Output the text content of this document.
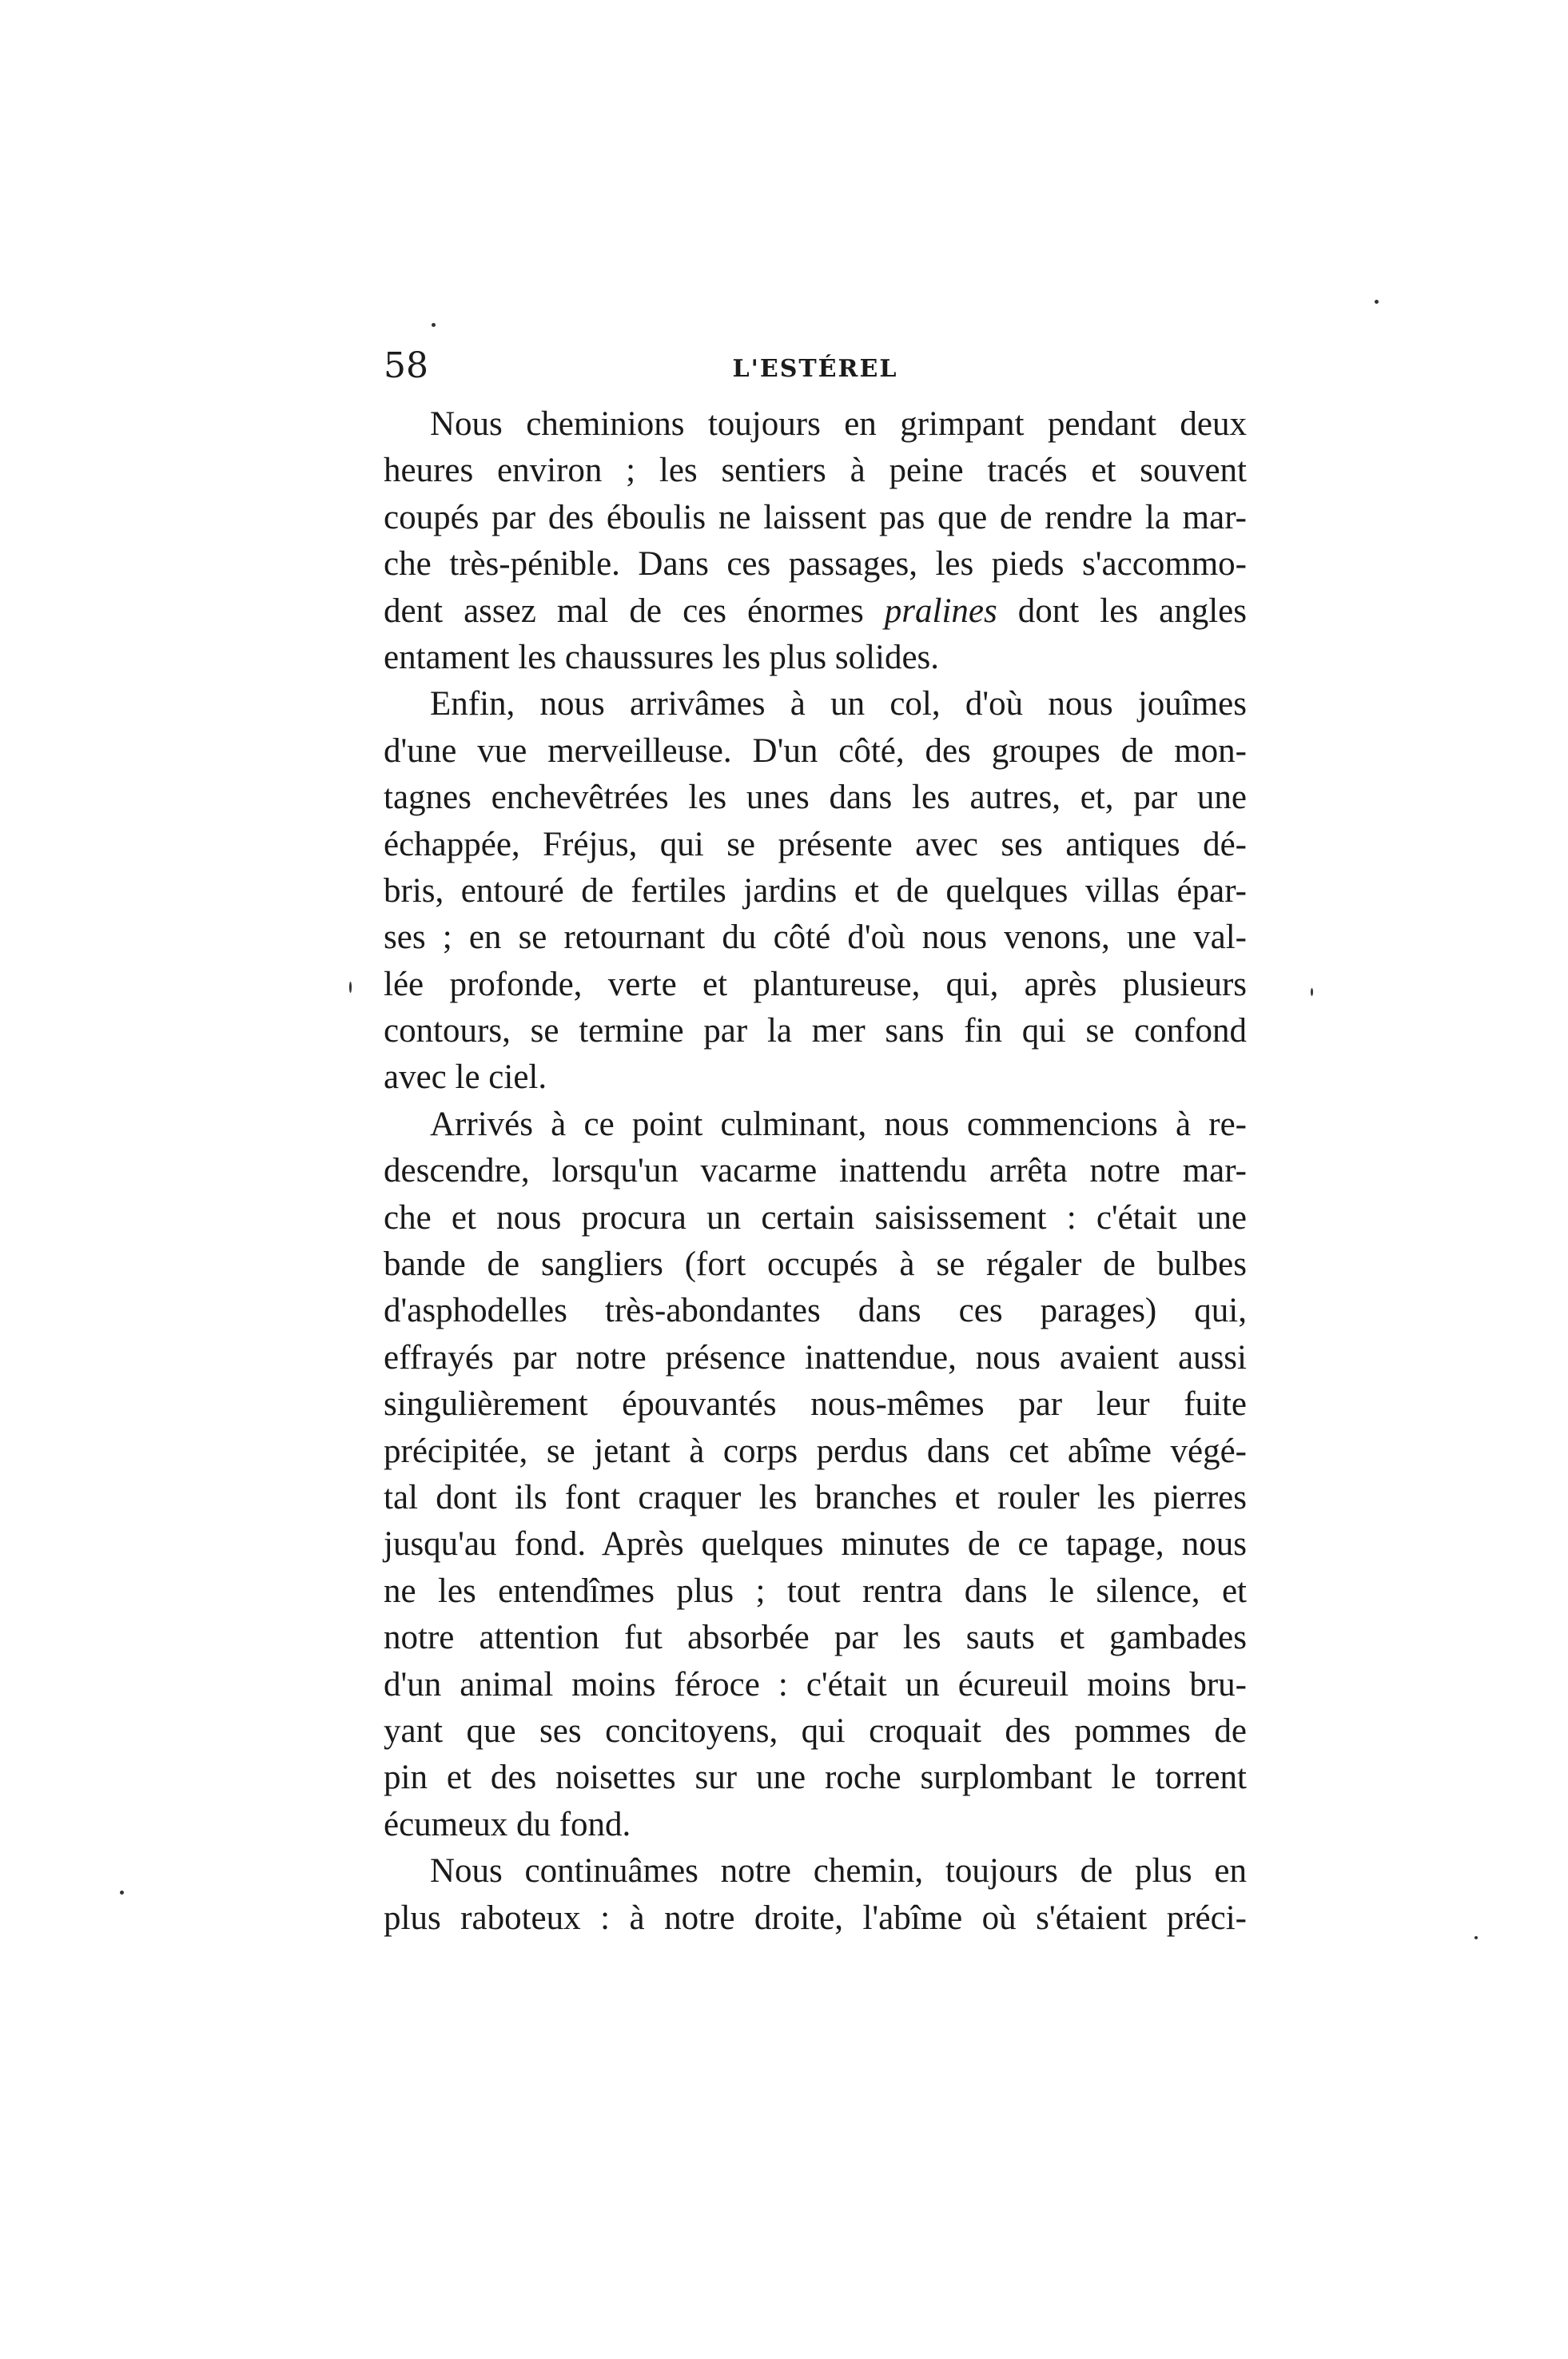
58	L'ESTÉREL
Nous cheminions toujours en grimpant pendant deux
heures environ ; les sentiers à peine tracés et souvent
coupés par des éboulis ne laissent pas que de rendre la mar-
che très-pénible. Dans ces passages, les pieds s'accommo-
dent assez mal de ces énormes pralines dont les angles
entament les chaussures les plus solides.
Enfin, nous arrivâmes à un col, d'où nous jouîmes
d'une vue merveilleuse. D'un côté, des groupes de mon-
tagnes enchevêtrées les unes dans les autres, et, par une
échappée, Fréjus, qui se présente avec ses antiques dé-
bris, entouré de fertiles jardins et de quelques villas épar-
ses ; en se retournant du côté d'où nous venons, une val-
lée profonde, verte et plantureuse, qui, après plusieurs
contours, se termine par la mer sans fin qui se confond
avec le ciel.
Arrivés à ce point culminant, nous commencions à re-
descendre, lorsqu'un vacarme inattendu arrêta notre mar-
che et nous procura un certain saisissement : c'était une
bande de sangliers (fort occupés à se régaler de bulbes
d'asphodelles très-abondantes dans ces parages) qui,
effrayés par notre présence inattendue, nous avaient aussi
singulièrement épouvantés nous-mêmes par leur fuite
précipitée, se jetant à corps perdus dans cet abîme végé-
tal dont ils font craquer les branches et rouler les pierres
jusqu'au fond. Après quelques minutes de ce tapage, nous
ne les entendîmes plus ; tout rentra dans le silence, et
notre attention fut absorbée par les sauts et gambades
d'un animal moins féroce : c'était un écureuil moins bru-
yant que ses concitoyens, qui croquait des pommes de
pin et des noisettes sur une roche surplombant le torrent
écumeux du fond.
Nous continuâmes notre chemin, toujours de plus en
plus raboteux : à notre droite, l'abîme où s'étaient préci-
